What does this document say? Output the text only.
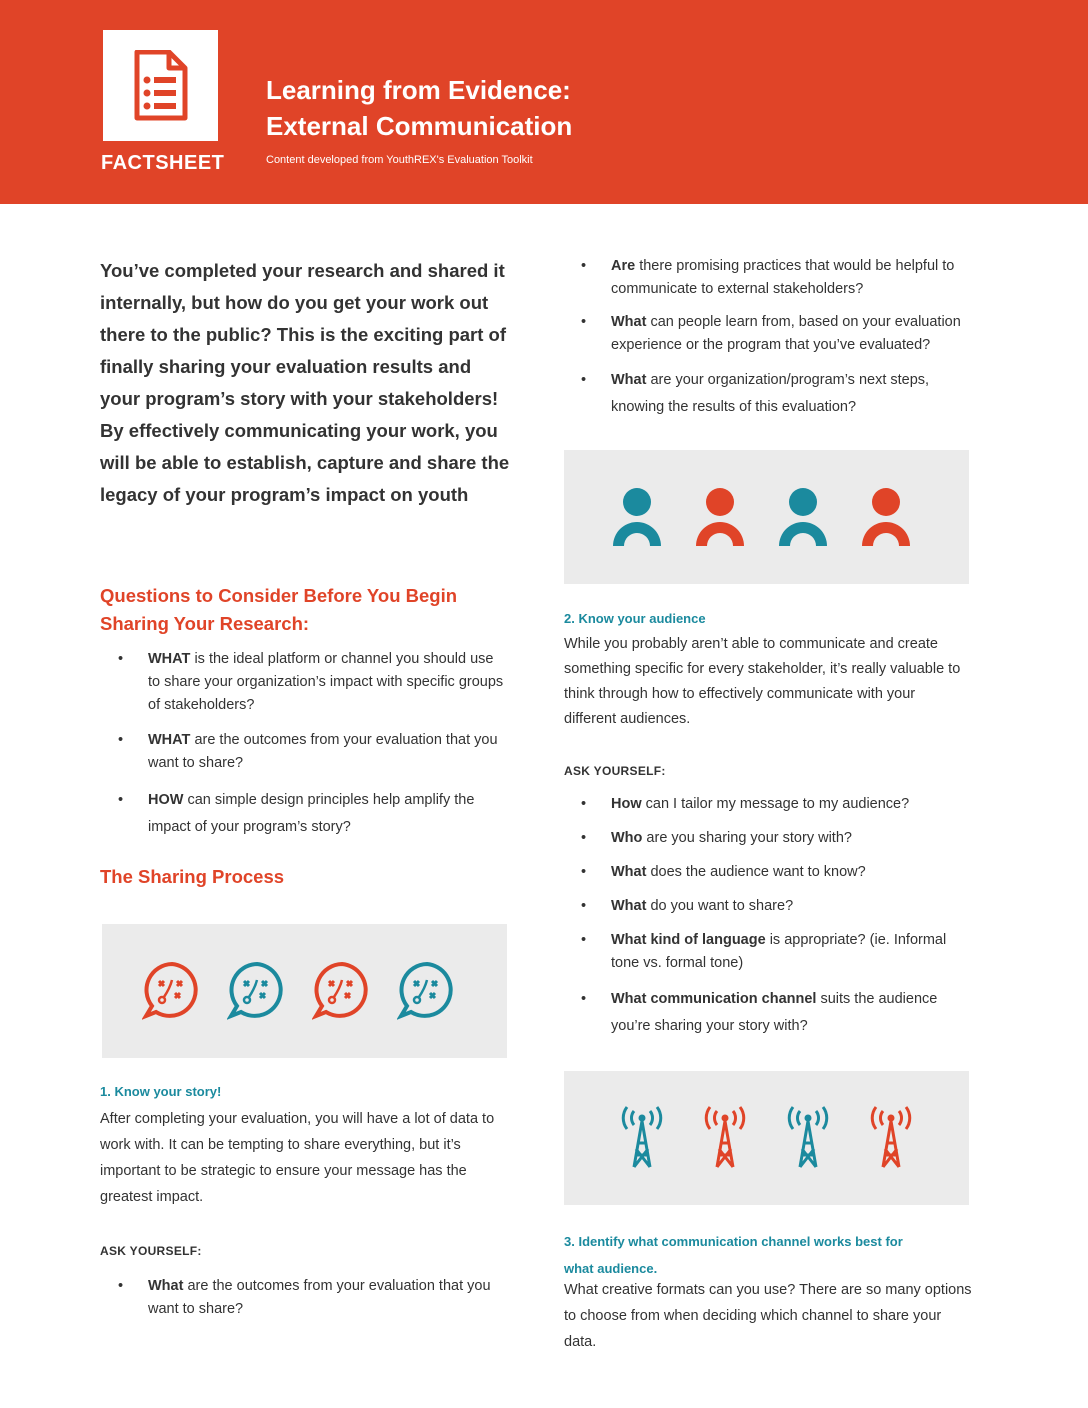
FACTSHEET
Learning from Evidence:
External Communication
Content developed from YouthREX's Evaluation Toolkit

You’ve completed your research and shared it internally, but how do you get your work out there to the public? This is the exciting part of finally sharing your evaluation results and your program’s story with your stakeholders! By effectively communicating your work, you will be able to establish, capture and share the legacy of your program’s impact on youth

Questions to Consider Before You Begin
Sharing Your Research:
• WHAT is the ideal platform or channel you should use to share your organization’s impact with specific groups of stakeholders?
• WHAT are the outcomes from your evaluation that you want to share?
• HOW can simple design principles help amplify the impact of your program’s story?
The Sharing Process
1. Know your story!

After completing your evaluation, you will have a lot of data to work with. It can be tempting to share everything, but it’s important to be strategic to ensure your message has the greatest impact.

ASK YOURSELF:

• What are the outcomes from your evaluation that you want to share?
• Are there promising practices that would be helpful to communicate to external stakeholders?
• What can people learn from, based on your evaluation experience or the program that you’ve evaluated?
• What are your organization/program’s next steps, knowing the results of this evaluation?
2. Know your audience

While you probably aren’t able to communicate and create something specific for every stakeholder, it’s really valuable to think through how to effectively communicate with your different audiences.

ASK YOURSELF:

• How can I tailor my message to my audience?
• Who are you sharing your story with?
• What does the audience want to know?
• What do you want to share?
• What kind of language is appropriate? (ie. Informal tone vs. formal tone)
• What communication channel suits the audience you’re sharing your story with?
3. Identify what communication channel works best for
what audience.

What creative formats can you use? There are so many options to choose from when deciding which channel to share your data.
